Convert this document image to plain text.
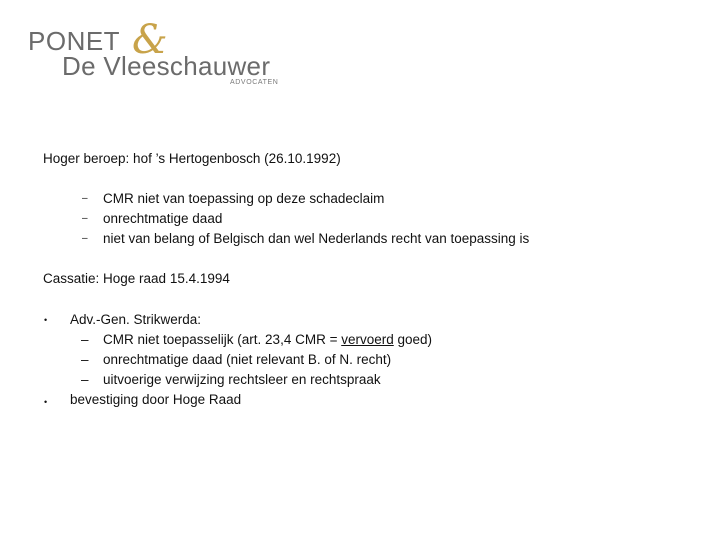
PONET &
De Vleeschauwer
ADVOCATEN
Hoger beroep: hof ’s Hertogenbosch (26.10.1992)
– CMR niet van toepassing op deze schadeclaim
– onrechtmatige daad
– niet van belang of Belgisch dan wel Nederlands recht van toepassing is
Cassatie: Hoge raad 15.4.1994
• Adv.-Gen. Strikwerda:
– CMR niet toepasselijk (art. 23,4 CMR = vervoerd goed)
– onrechtmatige daad (niet relevant B. of N. recht)
– uitvoerige verwijzing rechtsleer en rechtspraak
• bevestiging door Hoge Raad
